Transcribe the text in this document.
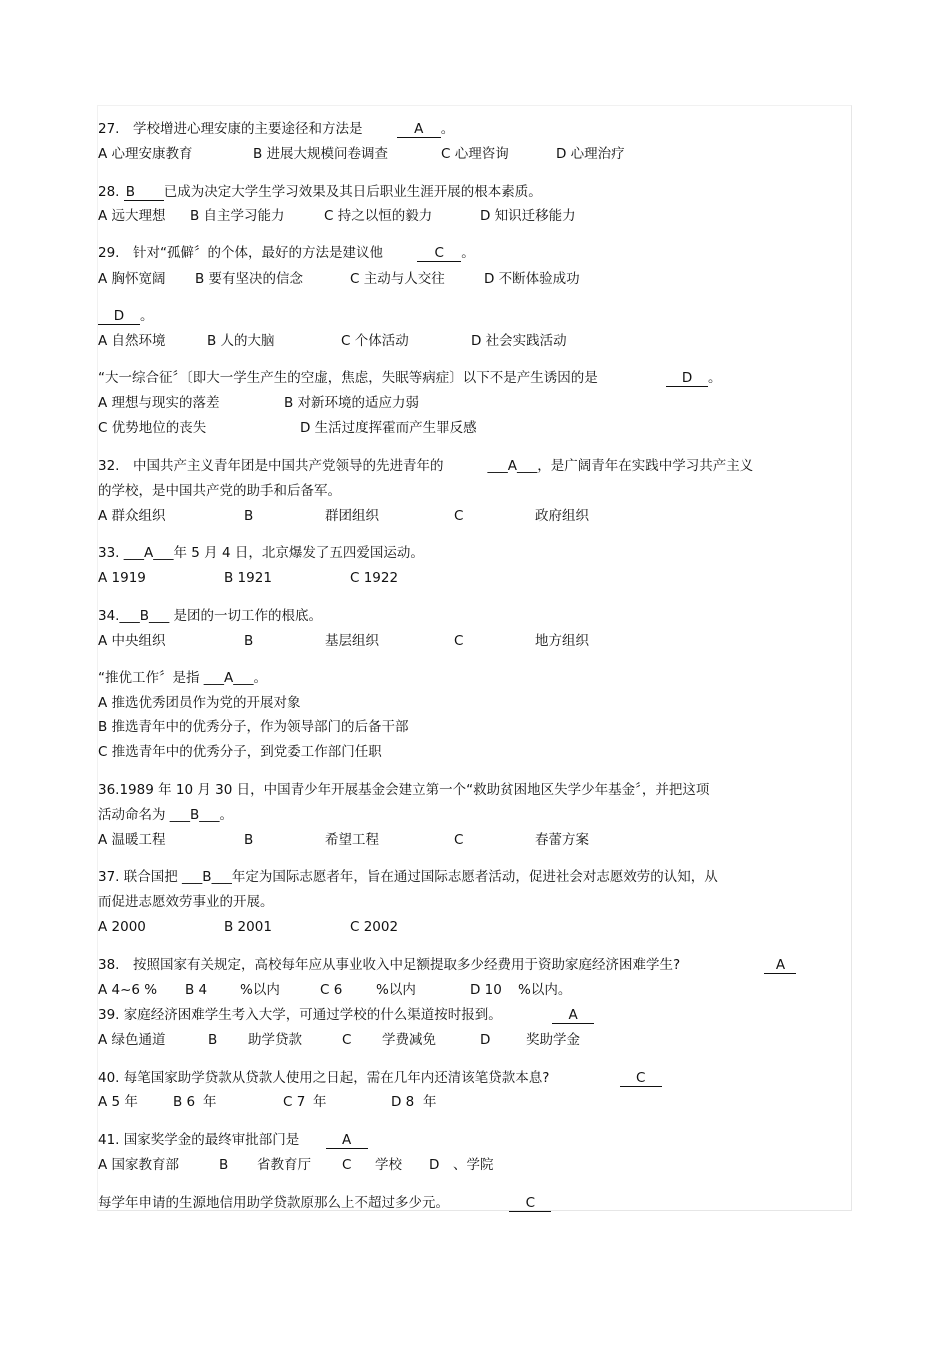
27.　学校增进心理安康的主要途径和方法是	A 。
A 心理安康教育	B 进展大规模问卷调查	C 心理咨询	D 心理治疗
28. B 已成为决定大学生学习效果及其日后职业生涯开展的根本素质。
A 远大理想 B 自主学习能力	C 持之以恒的毅力	D 知识迁移能力
29.　针对“孤僻〞的个体，最好的方法是建议他	C 。
A 胸怀宽阔 B 要有坚决的信念	C 主动与人交往	D 不断体验成功
D 。
A 自然环境	B 人的大脑	C 个体活动	D 社会实践活动
“大一综合征〞〔即大一学生产生的空虚，焦虑，失眠等病症〕以下不是产生诱因的是	D 。
A 理想与现实的落差	B 对新环境的适应力弱
C 优势地位的丧失	D 生活过度挥霍而产生罪反感
32.　中国共产主义青年团是中国共产党领导的先进青年的	___A___，是广阔青年在实践中学习共产主义
的学校，是中国共产党的助手和后备军。
A 群众组织	B	群团组织	C	政府组织
33. ___A___年 5 月 4 日，北京爆发了五四爱国运动。
A 1919	B 1921	C 1922
34.___B___ 是团的一切工作的根底。
A 中央组织	B	基层组织	C	地方组织
“推优工作〞是指 ___A___。
A 推选优秀团员作为党的开展对象
B 推选青年中的优秀分子，作为领导部门的后备干部
C 推选青年中的优秀分子，到党委工作部门任职
36.1989 年 10 月 30 日，中国青少年开展基金会建立第一个“救助贫困地区失学少年基金〞，并把这项
活动命名为 ___B___。
A 温暖工程	B	希望工程	C	春蕾方案
37. 联合国把 ___B___年定为国际志愿者年，旨在通过国际志愿者活动，促进社会对志愿效劳的认知，从
而促进志愿效劳事业的开展。
A 2000	B 2001	C 2002
38.　按照国家有关规定，高校每年应从事业收入中足额提取多少经费用于资助家庭经济困难学生?	A
A 4~6 % B 4 %以内	C 6 %以内	D 10 %以内。
39. 家庭经济困难学生考入大学，可通过学校的什么渠道按时报到。	A
A 绿色通道	B 助学贷款	C 学费减免	D	奖助学金
40. 每笔国家助学贷款从贷款人使用之日起，需在几年内还清该笔贷款本息?	C
A 5 年	B 6 年	C 7 年	D 8 年
41. 国家奖学金的最终审批部门是	A
A 国家教育部	B 省教育厅 C 学校 D 、学院
每学年申请的生源地信用助学贷款原那么上不超过多少元。	C
